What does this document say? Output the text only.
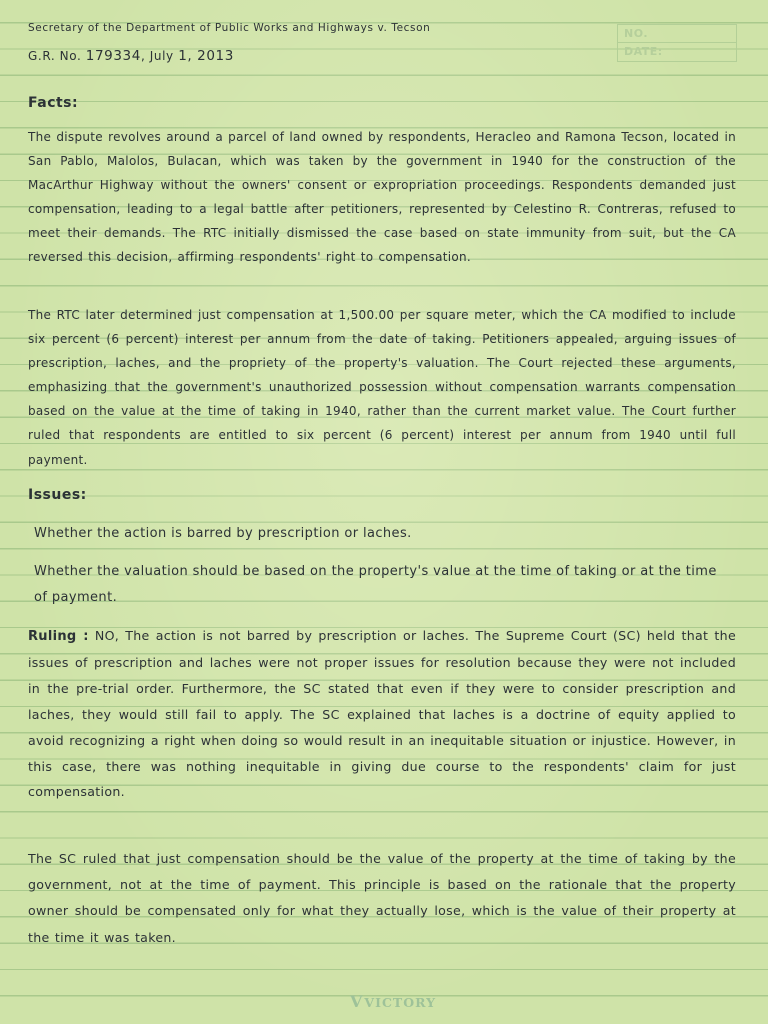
NO.
DATE:
Secretary of the Department of Public Works and Highways v. Tecson
G.R. No. 179334, July 1, 2013
Facts:

The dispute revolves around a parcel of land owned by respondents, Heracleo and Ramona Tecson, located in San Pablo, Malolos, Bulacan, which was taken by the government in 1940 for the construction of the MacArthur Highway without the owners' consent or expropriation proceedings. Respondents demanded just compensation, leading to a legal battle after petitioners, represented by Celestino R. Contreras, refused to meet their demands. The RTC initially dismissed the case based on state immunity from suit, but the CA reversed this decision, affirming respondents' right to compensation.

The RTC later determined just compensation at 1,500.00 per square meter, which the CA modified to include six percent (6 percent) interest per annum from the date of taking. Petitioners appealed, arguing issues of prescription, laches, and the propriety of the property's valuation. The Court rejected these arguments, emphasizing that the government's unauthorized possession without compensation warrants compensation based on the value at the time of taking in 1940, rather than the current market value. The Court further ruled that respondents are entitled to six percent (6 percent) interest per annum from 1940 until full payment.

Issues:

Whether the action is barred by prescription or laches.

Whether the valuation should be based on the property's value at the time of taking or at the time of payment.

Ruling : NO, The action is not barred by prescription or laches. The Supreme Court (SC) held that the issues of prescription and laches were not proper issues for resolution because they were not included in the pre-trial order. Furthermore, the SC stated that even if they were to consider prescription and laches, they would still fail to apply. The SC explained that laches is a doctrine of equity applied to avoid recognizing a right when doing so would result in an inequitable situation or injustice. However, in this case, there was nothing inequitable in giving due course to the respondents' claim for just compensation.

The SC ruled that just compensation should be the value of the property at the time of taking by the government, not at the time of payment. This principle is based on the rationale that the property owner should be compensated only for what they actually lose, which is the value of their property at the time it was taken.

VVICTORY
